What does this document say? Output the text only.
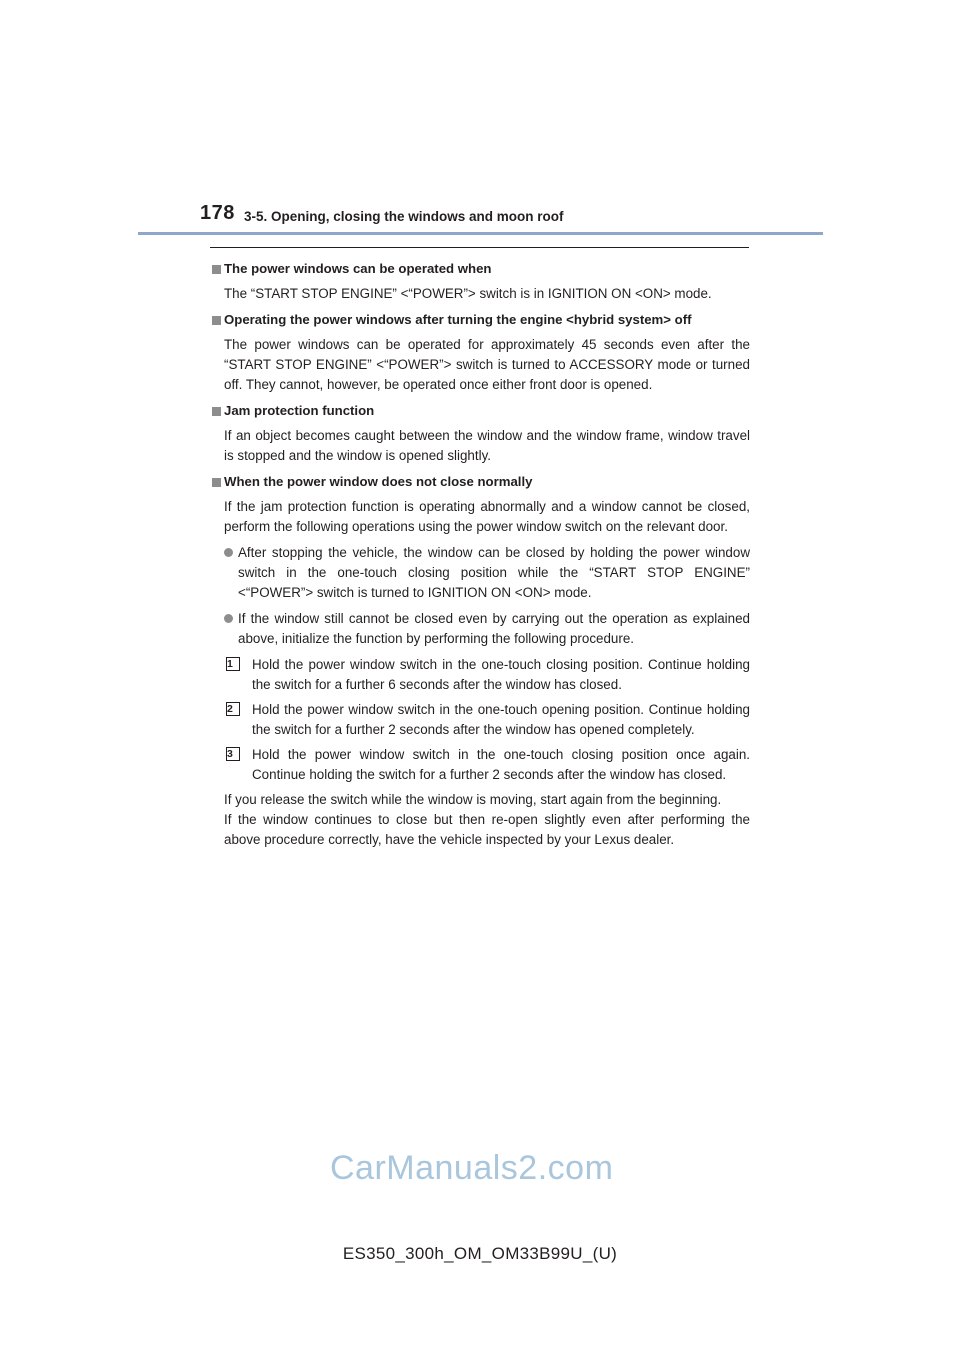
178 3-5. Opening, closing the windows and moon roof
The power windows can be operated when

The “START STOP ENGINE” <“POWER”> switch is in IGNITION ON <ON> mode.

Operating the power windows after turning the engine <hybrid system> off

The power windows can be operated for approximately 45 seconds even after the “START STOP ENGINE” <“POWER”> switch is turned to ACCESSORY mode or turned off. They cannot, however, be operated once either front door is opened.

Jam protection function

If an object becomes caught between the window and the window frame, window travel is stopped and the window is opened slightly.

When the power window does not close normally

If the jam protection function is operating abnormally and a window cannot be closed, perform the following operations using the power window switch on the relevant door.

After stopping the vehicle, the window can be closed by holding the power window switch in the one-touch closing position while the “START STOP ENGINE” <“POWER”> switch is turned to IGNITION ON <ON> mode.
If the window still cannot be closed even by carrying out the operation as explained above, initialize the function by performing the following procedure.
1	Hold the power window switch in the one-touch closing position. Continue holding the switch for a further 6 seconds after the window has closed.
2	Hold the power window switch in the one-touch opening position. Continue holding the switch for a further 2 seconds after the window has opened completely.
3	Hold the power window switch in the one-touch closing position once again. Continue holding the switch for a further 2 seconds after the window has closed.

If you release the switch while the window is moving, start again from the beginning.

If the window continues to close but then re-open slightly even after performing the above procedure correctly, have the vehicle inspected by your Lexus dealer.

CarManuals2.com
ES350_300h_OM_OM33B99U_(U)
